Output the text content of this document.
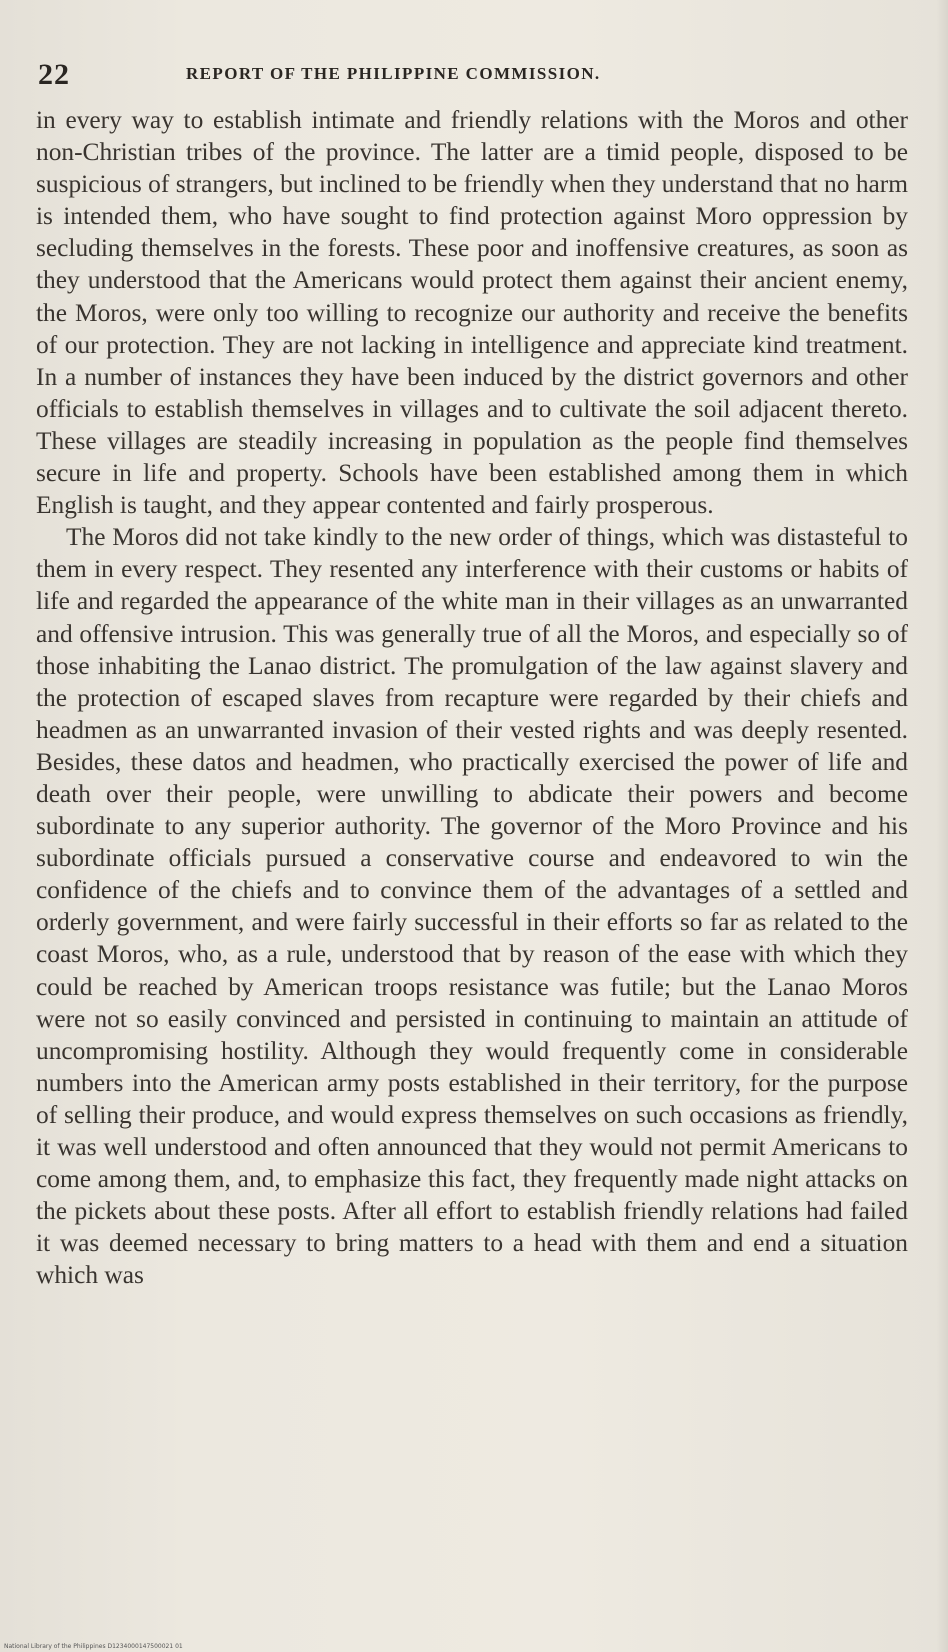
22	REPORT OF THE PHILIPPINE COMMISSION.

in every way to establish intimate and friendly relations with the Moros and other non-Christian tribes of the province. The latter are a timid people, disposed to be suspicious of strangers, but inclined to be friendly when they understand that no harm is intended them, who have sought to find protection against Moro oppression by secluding themselves in the forests. These poor and inoffensive creatures, as soon as they understood that the Americans would protect them against their ancient enemy, the Moros, were only too willing to recognize our authority and receive the benefits of our protection. They are not lacking in intelligence and appreciate kind treatment. In a number of instances they have been induced by the district governors and other officials to establish themselves in villages and to cultivate the soil adjacent thereto. These villages are steadily increasing in population as the people find themselves secure in life and property. Schools have been established among them in which English is taught, and they appear contented and fairly prosperous.

The Moros did not take kindly to the new order of things, which was distasteful to them in every respect. They resented any interference with their customs or habits of life and regarded the appearance of the white man in their villages as an unwarranted and offensive intrusion. This was generally true of all the Moros, and especially so of those inhabiting the Lanao district. The promulgation of the law against slavery and the protection of escaped slaves from recapture were regarded by their chiefs and headmen as an unwarranted invasion of their vested rights and was deeply resented. Besides, these datos and headmen, who practically exercised the power of life and death over their people, were unwilling to abdicate their powers and become subordinate to any superior authority. The governor of the Moro Province and his subordinate officials pursued a conservative course and endeavored to win the confidence of the chiefs and to convince them of the advantages of a settled and orderly government, and were fairly successful in their efforts so far as related to the coast Moros, who, as a rule, understood that by reason of the ease with which they could be reached by American troops resistance was futile; but the Lanao Moros were not so easily convinced and persisted in continuing to maintain an attitude of uncompromising hostility. Although they would frequently come in considerable numbers into the American army posts established in their territory, for the purpose of selling their produce, and would express themselves on such occasions as friendly, it was well understood and often announced that they would not permit Americans to come among them, and, to emphasize this fact, they frequently made night attacks on the pickets about these posts. After all effort to establish friendly relations had failed it was deemed necessary to bring matters to a head with them and end a situation which was

National Library of the Philippines D1234000147500021 01
